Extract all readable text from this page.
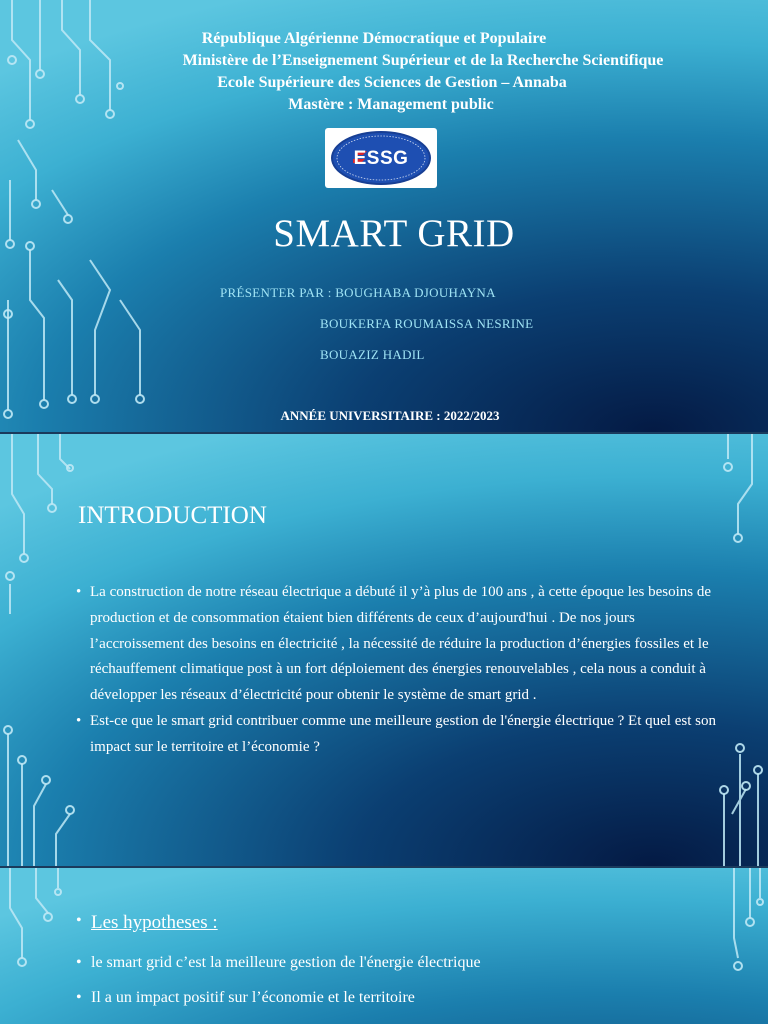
République Algérienne Démocratique et Populaire

Ministère de l’Enseignement Supérieur et de la Recherche Scientifique

Ecole Supérieure des Sciences de Gestion – Annaba

Mastère : Management public

ESSG
SMART GRID
PRÉSENTER PAR : BOUGHABA DJOUHAYNA
BOUKERFA ROUMAISSA NESRINE
BOUAZIZ HADIL
ANNÉE UNIVERSITAIRE : 2022/2023
INTRODUCTION

• La construction de notre réseau électrique a débuté il y’à plus de 100 ans , à cette époque les besoins de production et de consommation étaient bien différents de ceux d’aujourd'hui . De nos jours l’accroissement des besoins en électricité , la nécessité de réduire la production d’énergies fossiles et le réchauffement climatique post à un fort déploiement des énergies renouvelables , cela nous a conduit à développer les réseaux d’électricité pour obtenir le système de smart grid .

• Est-ce que le smart grid contribuer comme une meilleure gestion de l'énergie électrique ? Et quel est son impact sur le territoire et l’économie ?

• Les hypotheses :
• le smart grid c’est la meilleure gestion de l'énergie électrique
• Il a un impact positif sur l’économie et le territoire
